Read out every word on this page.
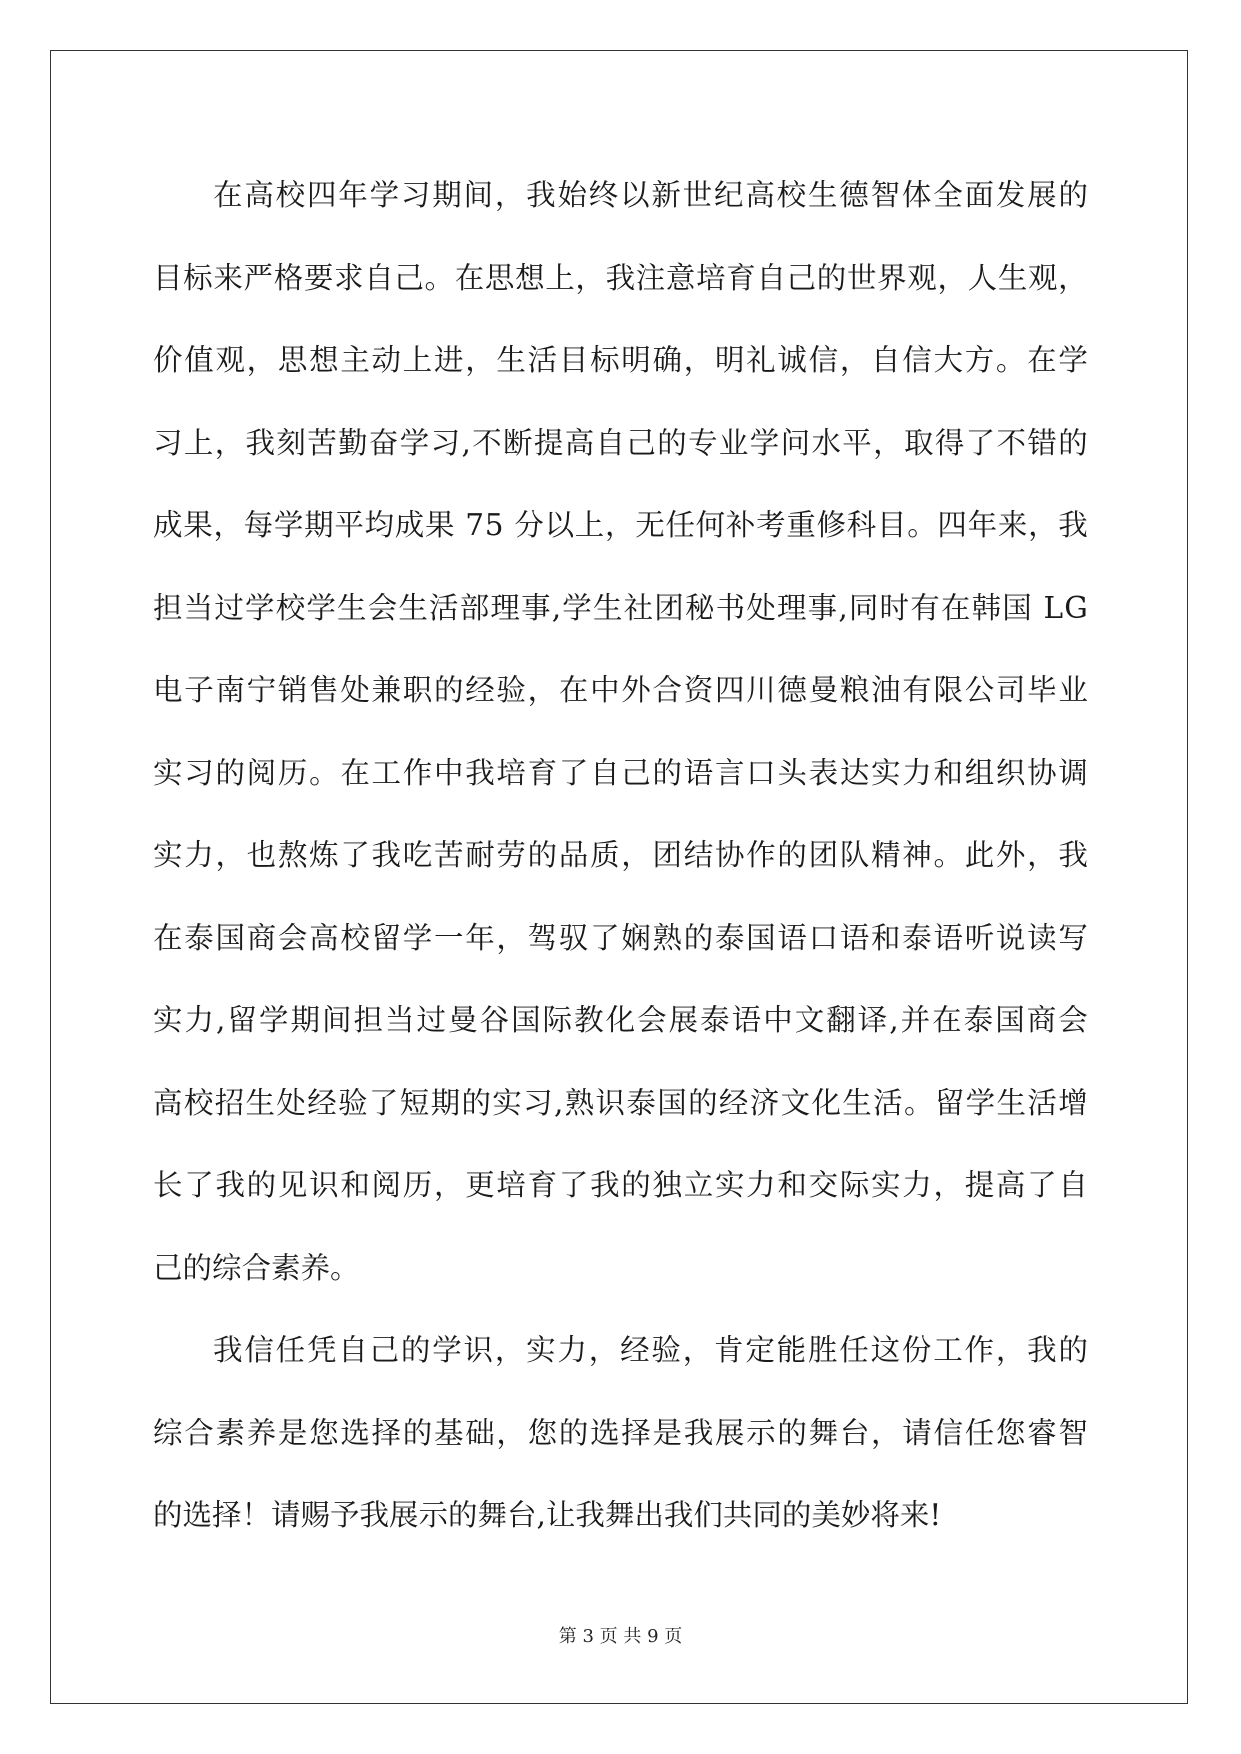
在 高 校 四 年 学 习 期 间 ， 我 始 终 以 新 世 纪 高 校 生 德 智 体 全 面 发 展 的
目 标 来 严 格 要 求 自 己 。 在 思 想 上 ， 我 注 意 培 育 自 己 的 世 界 观 ， 人 生 观 ，
价 值 观 ， 思 想 主 动 上 进 ， 生 活 目 标 明 确 ， 明 礼 诚 信 ， 自 信 大 方 。 在 学
习 上 ， 我 刻 苦 勤 奋 学 习 , 不 断 提 高 自 己 的 专 业 学 问 水 平 ， 取 得 了 不 错 的
成 果 ， 每 学 期 平 均 成 果
7 5
分 以 上 ， 无 任 何 补 考 重 修 科 目 。 四 年 来 ， 我
担 当 过 学 校 学 生 会 生 活 部 理 事 , 学 生 社 团 秘 书 处 理 事 , 同 时 有 在 韩 国
L G
电 子 南 宁 销 售 处 兼 职 的 经 验 ， 在 中 外 合 资 四 川 德 曼 粮 油 有 限 公 司 毕 业
实 习 的 阅 历 。 在 工 作 中 我 培 育 了 自 己 的 语 言 口 头 表 达 实 力 和 组 织 协 调
实 力 ， 也 熬 炼 了 我 吃 苦 耐 劳 的 品 质 ， 团 结 协 作 的 团 队 精 神 。 此 外 ， 我
在 泰 国 商 会 高 校 留 学 一 年 ， 驾 驭 了 娴 熟 的 泰 国 语 口 语 和 泰 语 听 说 读 写
实 力 , 留 学 期 间 担 当 过 曼 谷 国 际 教 化 会 展 泰 语 中 文 翻 译 , 并 在 泰 国 商 会
高 校 招 生 处 经 验 了 短 期 的 实 习 , 熟 识 泰 国 的 经 济 文 化 生 活 。 留 学 生 活 增
长 了 我 的 见 识 和 阅 历 ， 更 培 育 了 我 的 独 立 实 力 和 交 际 实 力 ， 提 高 了 自
己的综合素养。
我 信 任 凭 自 己 的 学 识 ， 实 力 ， 经 验 ， 肯 定 能 胜 任 这 份 工 作 ， 我 的
综 合 素 养 是 您 选 择 的 基 础 ， 您 的 选 择 是 我 展 示 的 舞 台 ， 请 信 任 您 睿 智
的选择！请赐予我展示的舞台,让我舞出我们共同的美妙将来!
第 3 页 共 9 页
